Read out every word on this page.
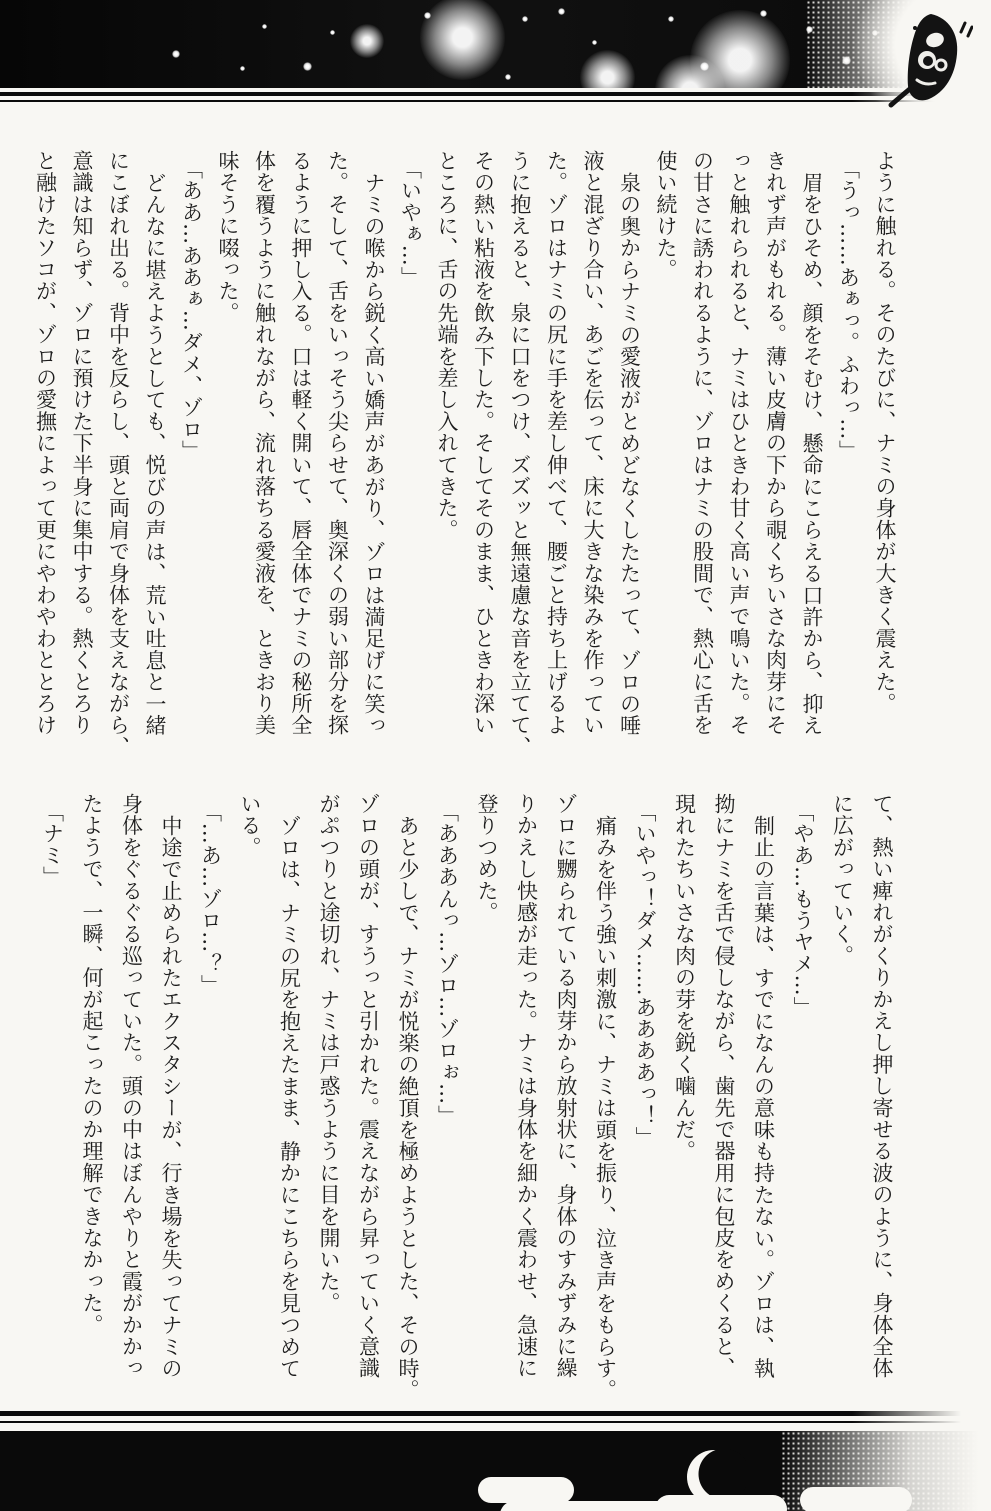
ように触れる。そのたびに、ナミの身体が大きく震えた。
「うっ……あぁっ。ふわっ…」
眉をひそめ、顔をそむけ、懸命にこらえる口許から、抑え
きれず声がもれる。薄い皮膚の下から覗くちいさな肉芽にそ
っと触れられると、ナミはひときわ甘く高い声で鳴いた。そ
の甘さに誘われるように、ゾロはナミの股間で、熱心に舌を
使い続けた。
泉の奥からナミの愛液がとめどなくしたたって、ゾロの唾
液と混ざり合い、あごを伝って、床に大きな染みを作ってい
た。ゾロはナミの尻に手を差し伸べて、腰ごと持ち上げるよ
うに抱えると、泉に口をつけ、ズズッと無遠慮な音を立てて、
その熱い粘液を飲み下した。そしてそのまま、ひときわ深い
ところに、舌の先端を差し入れてきた。
「いやぁ…」
ナミの喉から鋭く高い嬌声があがり、ゾロは満足げに笑っ
た。そして、舌をいっそう尖らせて、奥深くの弱い部分を探
るように押し入る。口は軽く開いて、唇全体でナミの秘所全
体を覆うように触れながら、流れ落ちる愛液を、ときおり美
味そうに啜った。
「ああ…ああぁ…ダメ、ゾロ」
どんなに堪えようとしても、悦びの声は、荒い吐息と一緒
にこぼれ出る。背中を反らし、頭と両肩で身体を支えながら、
意識は知らず、ゾロに預けた下半身に集中する。熱くとろり
と融けたソコが、ゾロの愛撫によって更にやわやわととろけ
て、熱い痺れがくりかえし押し寄せる波のように、身体全体
に広がっていく。
「やあ…もうヤメ…」
制止の言葉は、すでになんの意味も持たない。ゾロは、執
拗にナミを舌で侵しながら、歯先で器用に包皮をめくると、
現れたちいさな肉の芽を鋭く噛んだ。
「いやっ！ダメ……ああああっ！」
痛みを伴う強い刺激に、ナミは頭を振り、泣き声をもらす。
ゾロに嬲られている肉芽から放射状に、身体のすみずみに繰
りかえし快感が走った。ナミは身体を細かく震わせ、急速に
登りつめた。
「あああんっ…ゾロ…ゾロぉ…」
あと少しで、ナミが悦楽の絶頂を極めようとした、その時。
ゾロの頭が、すうっと引かれた。震えながら昇っていく意識
がぷつりと途切れ、ナミは戸惑うように目を開いた。
ゾロは、ナミの尻を抱えたまま、静かにこちらを見つめて
いる。
「…あ…ゾロ…？」
中途で止められたエクスタシーが、行き場を失ってナミの
身体をぐるぐる巡っていた。頭の中はぼんやりと霞がかかっ
たようで、一瞬、何が起こったのか理解できなかった。
「ナミ」
